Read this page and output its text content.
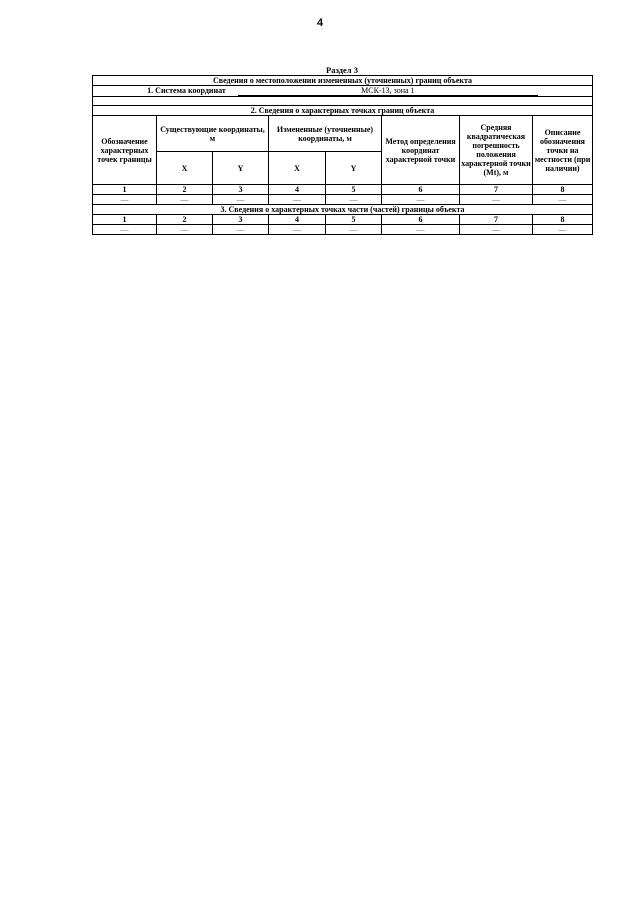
4
Раздел 3
Сведения о местоположении измененных (уточненных) границ объекта							
1. Система координат МСК-13, зона 1							

2. Сведения о характерных точках границ объекта							
Обозначение характерных точек границы	Существующие координаты, м		Измененные (уточненные) координаты, м		Метод определения координат характерной точки	Средняя квадратическая погрешность положения характерной точки (Mt), м	Описание обозначения точки на местности (при наличии)
	X	Y	X	Y			
1	2	3	4	5	6	7	8
—	—	—	—	—	—	—	—
3. Сведения о характерных точках части (частей) границы объекта							
1	2	3	4	5	6	7	8
—	—	—	—	—	—	—	—
